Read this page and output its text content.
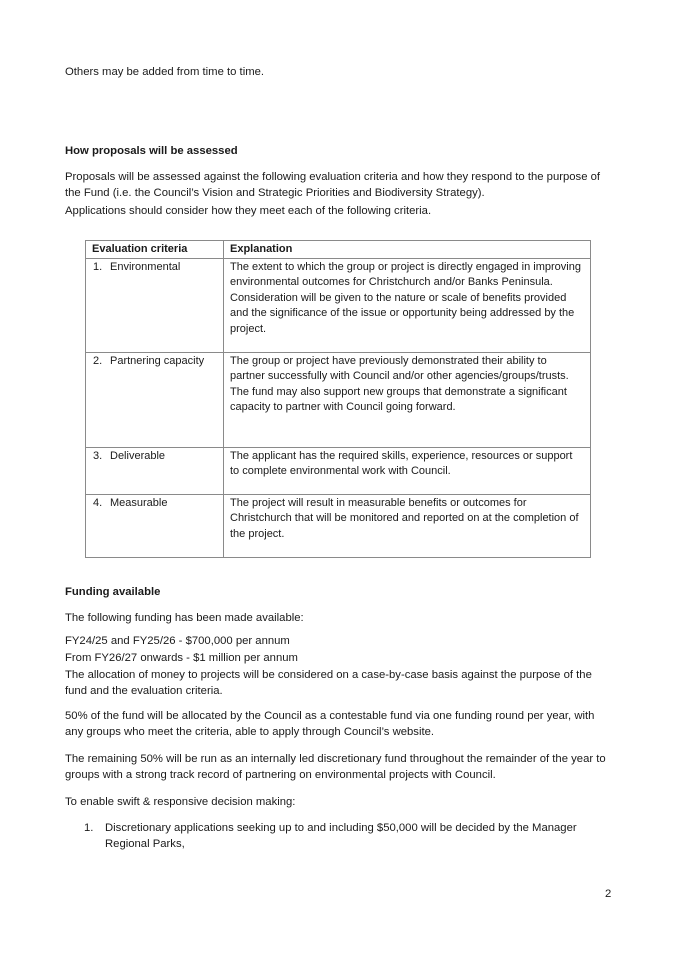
Others may be added from time to time.

How proposals will be assessed

Proposals will be assessed against the following evaluation criteria and how they respond to the purpose of the Fund (i.e. the Council’s Vision and Strategic Priorities and Biodiversity Strategy).

Applications should consider how they meet each of the following criteria.

Evaluation criteria	Explanation
1. Environmental	The extent to which the group or project is directly engaged in improving environmental outcomes for Christchurch and/or Banks Peninsula. Consideration will be given to the nature or scale of benefits provided and the significance of the issue or opportunity being addressed by the project.
2. Partnering capacity	The group or project have previously demonstrated their ability to partner successfully with Council and/or other agencies/groups/trusts.
The fund may also support new groups that demonstrate a significant capacity to partner with Council going forward.

3. Deliverable	The applicant has the required skills, experience, resources or support to complete environmental work with Council.
4. Measurable	The project will result in measurable benefits or outcomes for Christchurch that will be monitored and reported on at the completion of the project.

Funding available

The following funding has been made available:

FY24/25 and FY25/26 - $700,000 per annum

From FY26/27 onwards - $1 million per annum

The allocation of money to projects will be considered on a case-by-case basis against the purpose of the fund and the evaluation criteria.

50% of the fund will be allocated by the Council as a contestable fund via one funding round per year, with any groups who meet the criteria, able to apply through Council’s website.

The remaining 50% will be run as an internally led discretionary fund throughout the remainder of the year to groups with a strong track record of partnering on environmental projects with Council.

To enable swift & responsive decision making:

1. Discretionary applications seeking up to and including $50,000 will be decided by the Manager Regional Parks,
2
